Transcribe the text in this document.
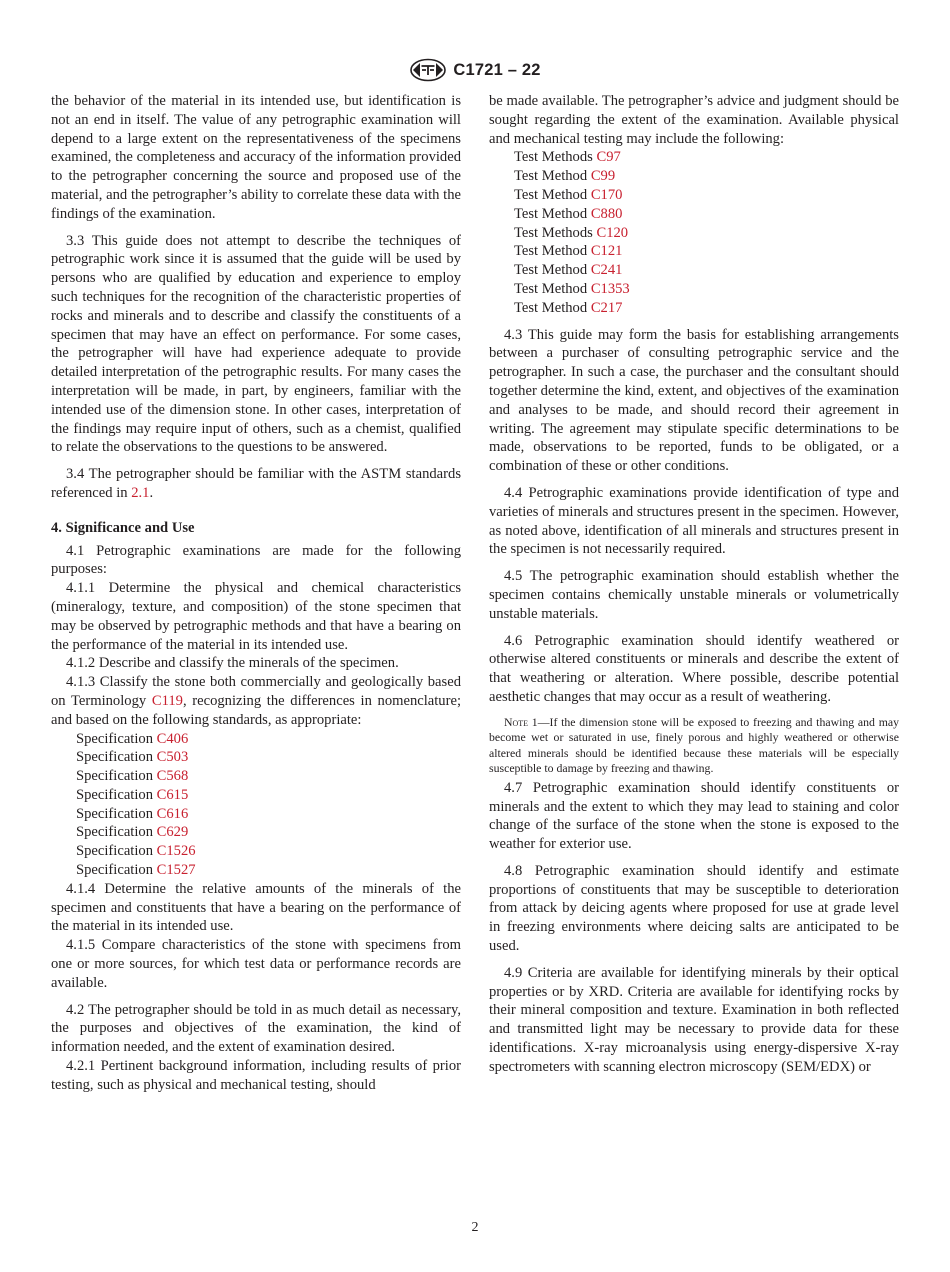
C1721 – 22

the behavior of the material in its intended use, but identification is not an end in itself. The value of any petrographic examination will depend to a large extent on the representativeness of the specimens examined, the completeness and accuracy of the information provided to the petrographer concerning the source and proposed use of the material, and the petrographer’s ability to correlate these data with the findings of the examination.

3.3 This guide does not attempt to describe the techniques of petrographic work since it is assumed that the guide will be used by persons who are qualified by education and experience to employ such techniques for the recognition of the characteristic properties of rocks and minerals and to describe and classify the constituents of a specimen that may have an effect on performance. For some cases, the petrographer will have had experience adequate to provide detailed interpretation of the petrographic results. For many cases the interpretation will be made, in part, by engineers, familiar with the intended use of the dimension stone. In other cases, interpretation of the findings may require input of others, such as a chemist, qualified to relate the observations to the questions to be answered.

3.4 The petrographer should be familiar with the ASTM standards referenced in 2.1.

4. Significance and Use

4.1 Petrographic examinations are made for the following purposes:

4.1.1 Determine the physical and chemical characteristics (mineralogy, texture, and composition) of the stone specimen that may be observed by petrographic methods and that have a bearing on the performance of the material in its intended use.

4.1.2 Describe and classify the minerals of the specimen.

4.1.3 Classify the stone both commercially and geologically based on Terminology C119, recognizing the differences in nomenclature; and based on the following standards, as appropriate:

Specification C406
Specification C503
Specification C568
Specification C615
Specification C616
Specification C629
Specification C1526
Specification C1527

4.1.4 Determine the relative amounts of the minerals of the specimen and constituents that have a bearing on the performance of the material in its intended use.

4.1.5 Compare characteristics of the stone with specimens from one or more sources, for which test data or performance records are available.

4.2 The petrographer should be told in as much detail as necessary, the purposes and objectives of the examination, the kind of information needed, and the extent of examination desired.

4.2.1 Pertinent background information, including results of prior testing, such as physical and mechanical testing, should

be made available. The petrographer’s advice and judgment should be sought regarding the extent of the examination. Available physical and mechanical testing may include the following:

Test Methods C97
Test Method C99
Test Method C170
Test Method C880
Test Methods C120
Test Method C121
Test Method C241
Test Method C1353
Test Method C217

4.3 This guide may form the basis for establishing arrangements between a purchaser of consulting petrographic service and the petrographer. In such a case, the purchaser and the consultant should together determine the kind, extent, and objectives of the examination and analyses to be made, and should record their agreement in writing. The agreement may stipulate specific determinations to be made, observations to be reported, funds to be obligated, or a combination of these or other conditions.

4.4 Petrographic examinations provide identification of type and varieties of minerals and structures present in the specimen. However, as noted above, identification of all minerals and structures present in the specimen is not necessarily required.

4.5 The petrographic examination should establish whether the specimen contains chemically unstable minerals or volumetrically unstable materials.

4.6 Petrographic examination should identify weathered or otherwise altered constituents or minerals and describe the extent of that weathering or alteration. Where possible, describe potential aesthetic changes that may occur as a result of weathering.

Note 1—If the dimension stone will be exposed to freezing and thawing and may become wet or saturated in use, finely porous and highly weathered or otherwise altered minerals should be identified because these materials will be especially susceptible to damage by freezing and thawing.

4.7 Petrographic examination should identify constituents or minerals and the extent to which they may lead to staining and color change of the surface of the stone when the stone is exposed to the weather for exterior use.

4.8 Petrographic examination should identify and estimate proportions of constituents that may be susceptible to deterioration from attack by deicing agents where proposed for use at grade level in freezing environments where deicing salts are anticipated to be used.

4.9 Criteria are available for identifying minerals by their optical properties or by XRD. Criteria are available for identifying rocks by their mineral composition and texture. Examination in both reflected and transmitted light may be necessary to provide data for these identifications. X-ray microanalysis using energy-dispersive X-ray spectrometers with scanning electron microscopy (SEM/EDX) or

2
